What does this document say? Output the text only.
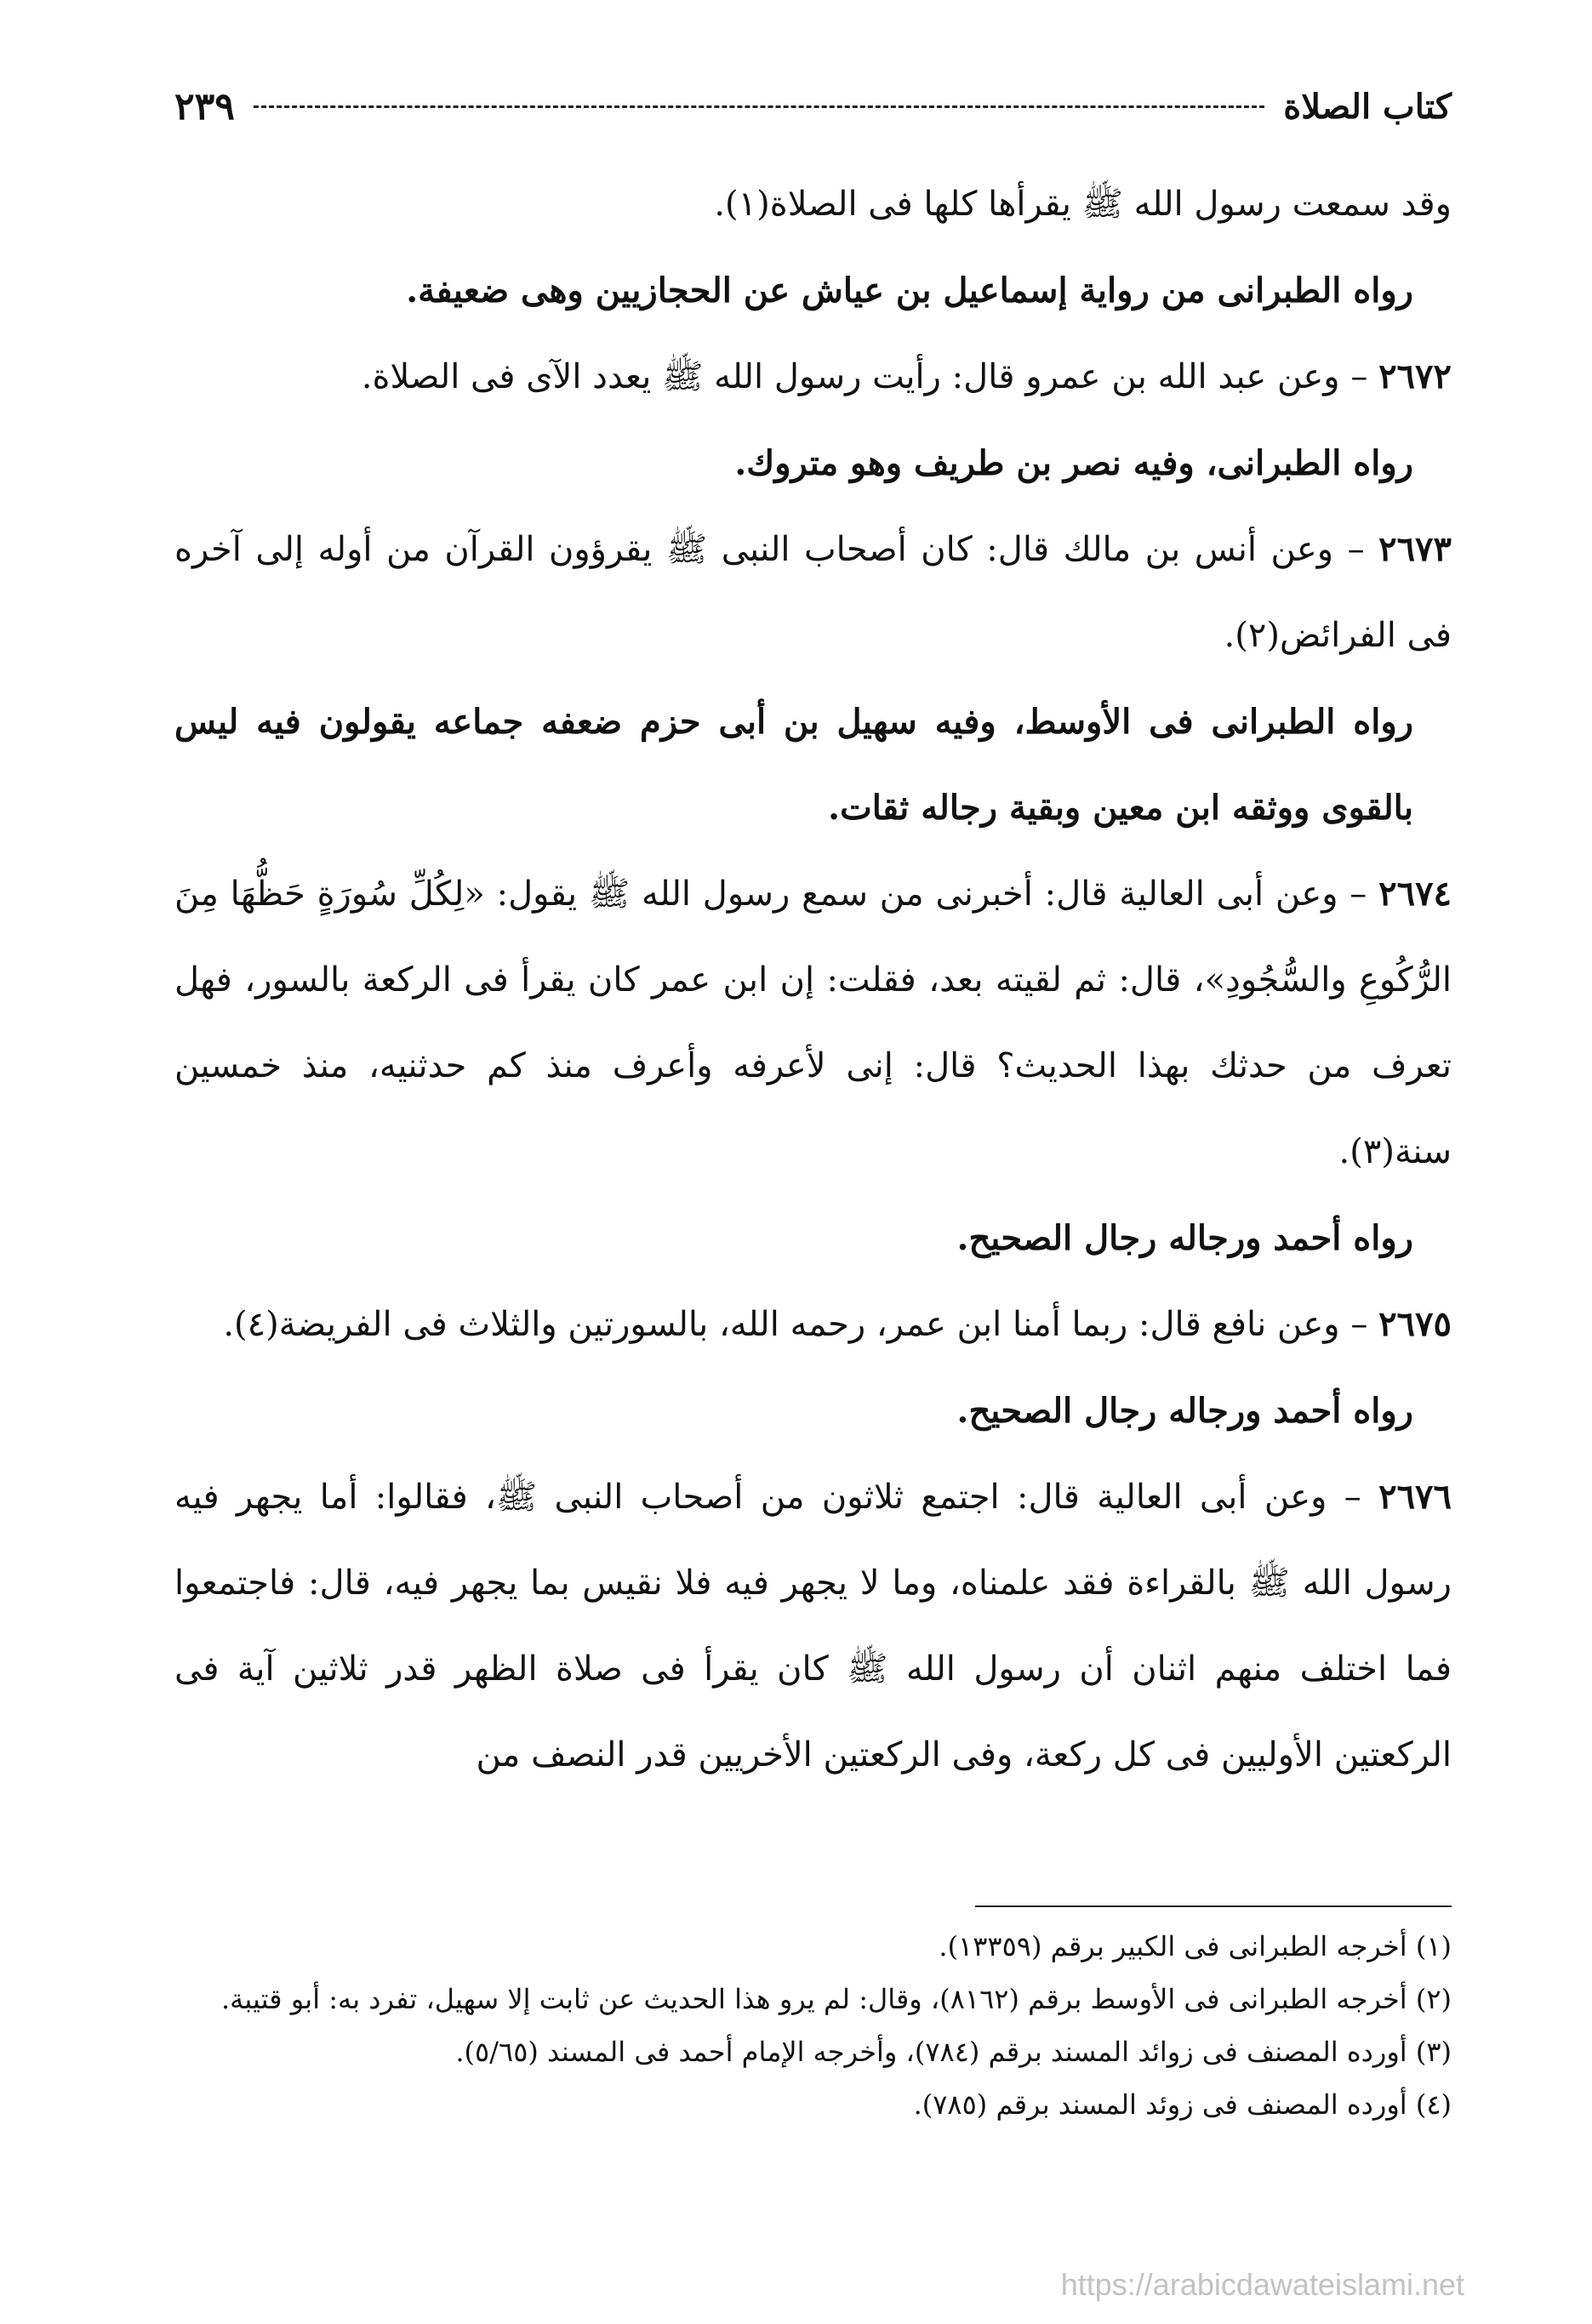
كتاب الصلاة
٢٣٩

وقد سمعت رسول الله ﷺ يقرأها كلها فى الصلاة(١).

رواه الطبرانى من رواية إسماعيل بن عياش عن الحجازيين وهى ضعيفة.

٢٦٧٢ – وعن عبد الله بن عمرو قال: رأيت رسول الله ﷺ يعدد الآى فى الصلاة.

رواه الطبرانى، وفيه نصر بن طريف وهو متروك.

٢٦٧٣ – وعن أنس بن مالك قال: كان أصحاب النبى ﷺ يقرؤون القرآن من أوله إلى آخره فى الفرائض(٢).

رواه الطبرانى فى الأوسط، وفيه سهيل بن أبى حزم ضعفه جماعه يقولون فيه ليس بالقوى ووثقه ابن معين وبقية رجاله ثقات.

٢٦٧٤ – وعن أبى العالية قال: أخبرنى من سمع رسول الله ﷺ يقول: «لِكُلِّ سُورَةٍ حَظُّهَا مِنَ الرُّكُوعِ والسُّجُودِ»، قال: ثم لقيته بعد، فقلت: إن ابن عمر كان يقرأ فى الركعة بالسور، فهل تعرف من حدثك بهذا الحديث؟ قال: إنى لأعرفه وأعرف منذ كم حدثنيه، منذ خمسين سنة(٣).

رواه أحمد ورجاله رجال الصحيح.

٢٦٧٥ – وعن نافع قال: ربما أمنا ابن عمر، رحمه الله، بالسورتين والثلاث فى الفريضة(٤).

رواه أحمد ورجاله رجال الصحيح.

٢٦٧٦ – وعن أبى العالية قال: اجتمع ثلاثون من أصحاب النبى ﷺ، فقالوا: أما يجهر فيه رسول الله ﷺ بالقراءة فقد علمناه، وما لا يجهر فيه فلا نقيس بما يجهر فيه، قال: فاجتمعوا فما اختلف منهم اثنان أن رسول الله ﷺ كان يقرأ فى صلاة الظهر قدر ثلاثين آية فى الركعتين الأوليين فى كل ركعة، وفى الركعتين الأخريين قدر النصف من

(١) أخرجه الطبرانى فى الكبير برقم (١٣٣٥٩).

(٢) أخرجه الطبرانى فى الأوسط برقم (٨١٦٢)، وقال: لم يرو هذا الحديث عن ثابت إلا سهيل، تفرد به: أبو قتيبة.

(٣) أورده المصنف فى زوائد المسند برقم (٧٨٤)، وأخرجه الإمام أحمد فى المسند (٥/٦٥).

(٤) أورده المصنف فى زوئد المسند برقم (٧٨٥).

https://arabicdawateislami.net
